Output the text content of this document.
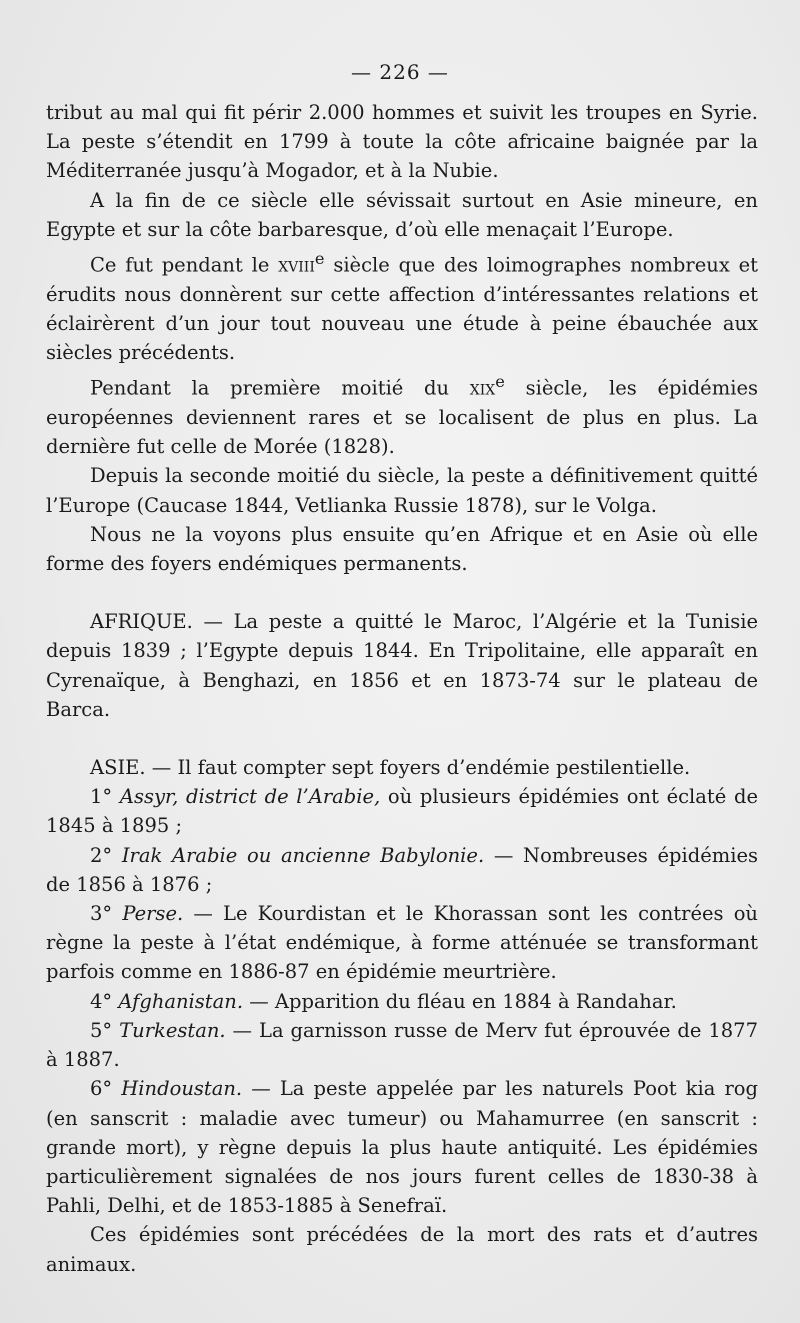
— 226 —

tribut au mal qui fit périr 2.000 hommes et suivit les troupes en Syrie. La peste s’étendit en 1799 à toute la côte africaine baignée par la Méditerranée jusqu’à Mogador, et à la Nubie.

A la fin de ce siècle elle sévissait surtout en Asie mineure, en Egypte et sur la côte barbaresque, d’où elle menaçait l’Europe.

Ce fut pendant le xviii$^e$ siècle que des loimographes nombreux et érudits nous donnèrent sur cette affection d’intéressantes relations et éclairèrent d’un jour tout nouveau une étude à peine ébauchée aux siècles précédents.

Pendant la première moitié du xix$^e$ siècle, les épidémies européennes deviennent rares et se localisent de plus en plus. La dernière fut celle de Morée (1828).

Depuis la seconde moitié du siècle, la peste a définitivement quitté l’Europe (Caucase 1844, Vetlianka Russie 1878), sur le Volga.

Nous ne la voyons plus ensuite qu’en Afrique et en Asie où elle forme des foyers endémiques permanents.

AFRIQUE. — La peste a quitté le Maroc, l’Algérie et la Tunisie depuis 1839 ; l’Egypte depuis 1844. En Tripolitaine, elle apparaît en Cyrenaïque, à Benghazi, en 1856 et en 1873-74 sur le plateau de Barca.

ASIE. — Il faut compter sept foyers d’endémie pestilentielle.

1° Assyr, district de l’Arabie, où plusieurs épidémies ont éclaté de 1845 à 1895 ;

2° Irak Arabie ou ancienne Babylonie. — Nombreuses épidémies de 1856 à 1876 ;

3° Perse. — Le Kourdistan et le Khorassan sont les contrées où règne la peste à l’état endémique, à forme atténuée se transformant parfois comme en 1886-87 en épidémie meurtrière.

4° Afghanistan. — Apparition du fléau en 1884 à Randahar.

5° Turkestan. — La garnisson russe de Merv fut éprouvée de 1877 à 1887.

6° Hindoustan. — La peste appelée par les naturels Poot kia rog (en sanscrit : maladie avec tumeur) ou Mahamurree (en sanscrit : grande mort), y règne depuis la plus haute antiquité. Les épidémies particulièrement signalées de nos jours furent celles de 1830-38 à Pahli, Delhi, et de 1853-1885 à Senefraï.

Ces épidémies sont précédées de la mort des rats et d’autres animaux.
